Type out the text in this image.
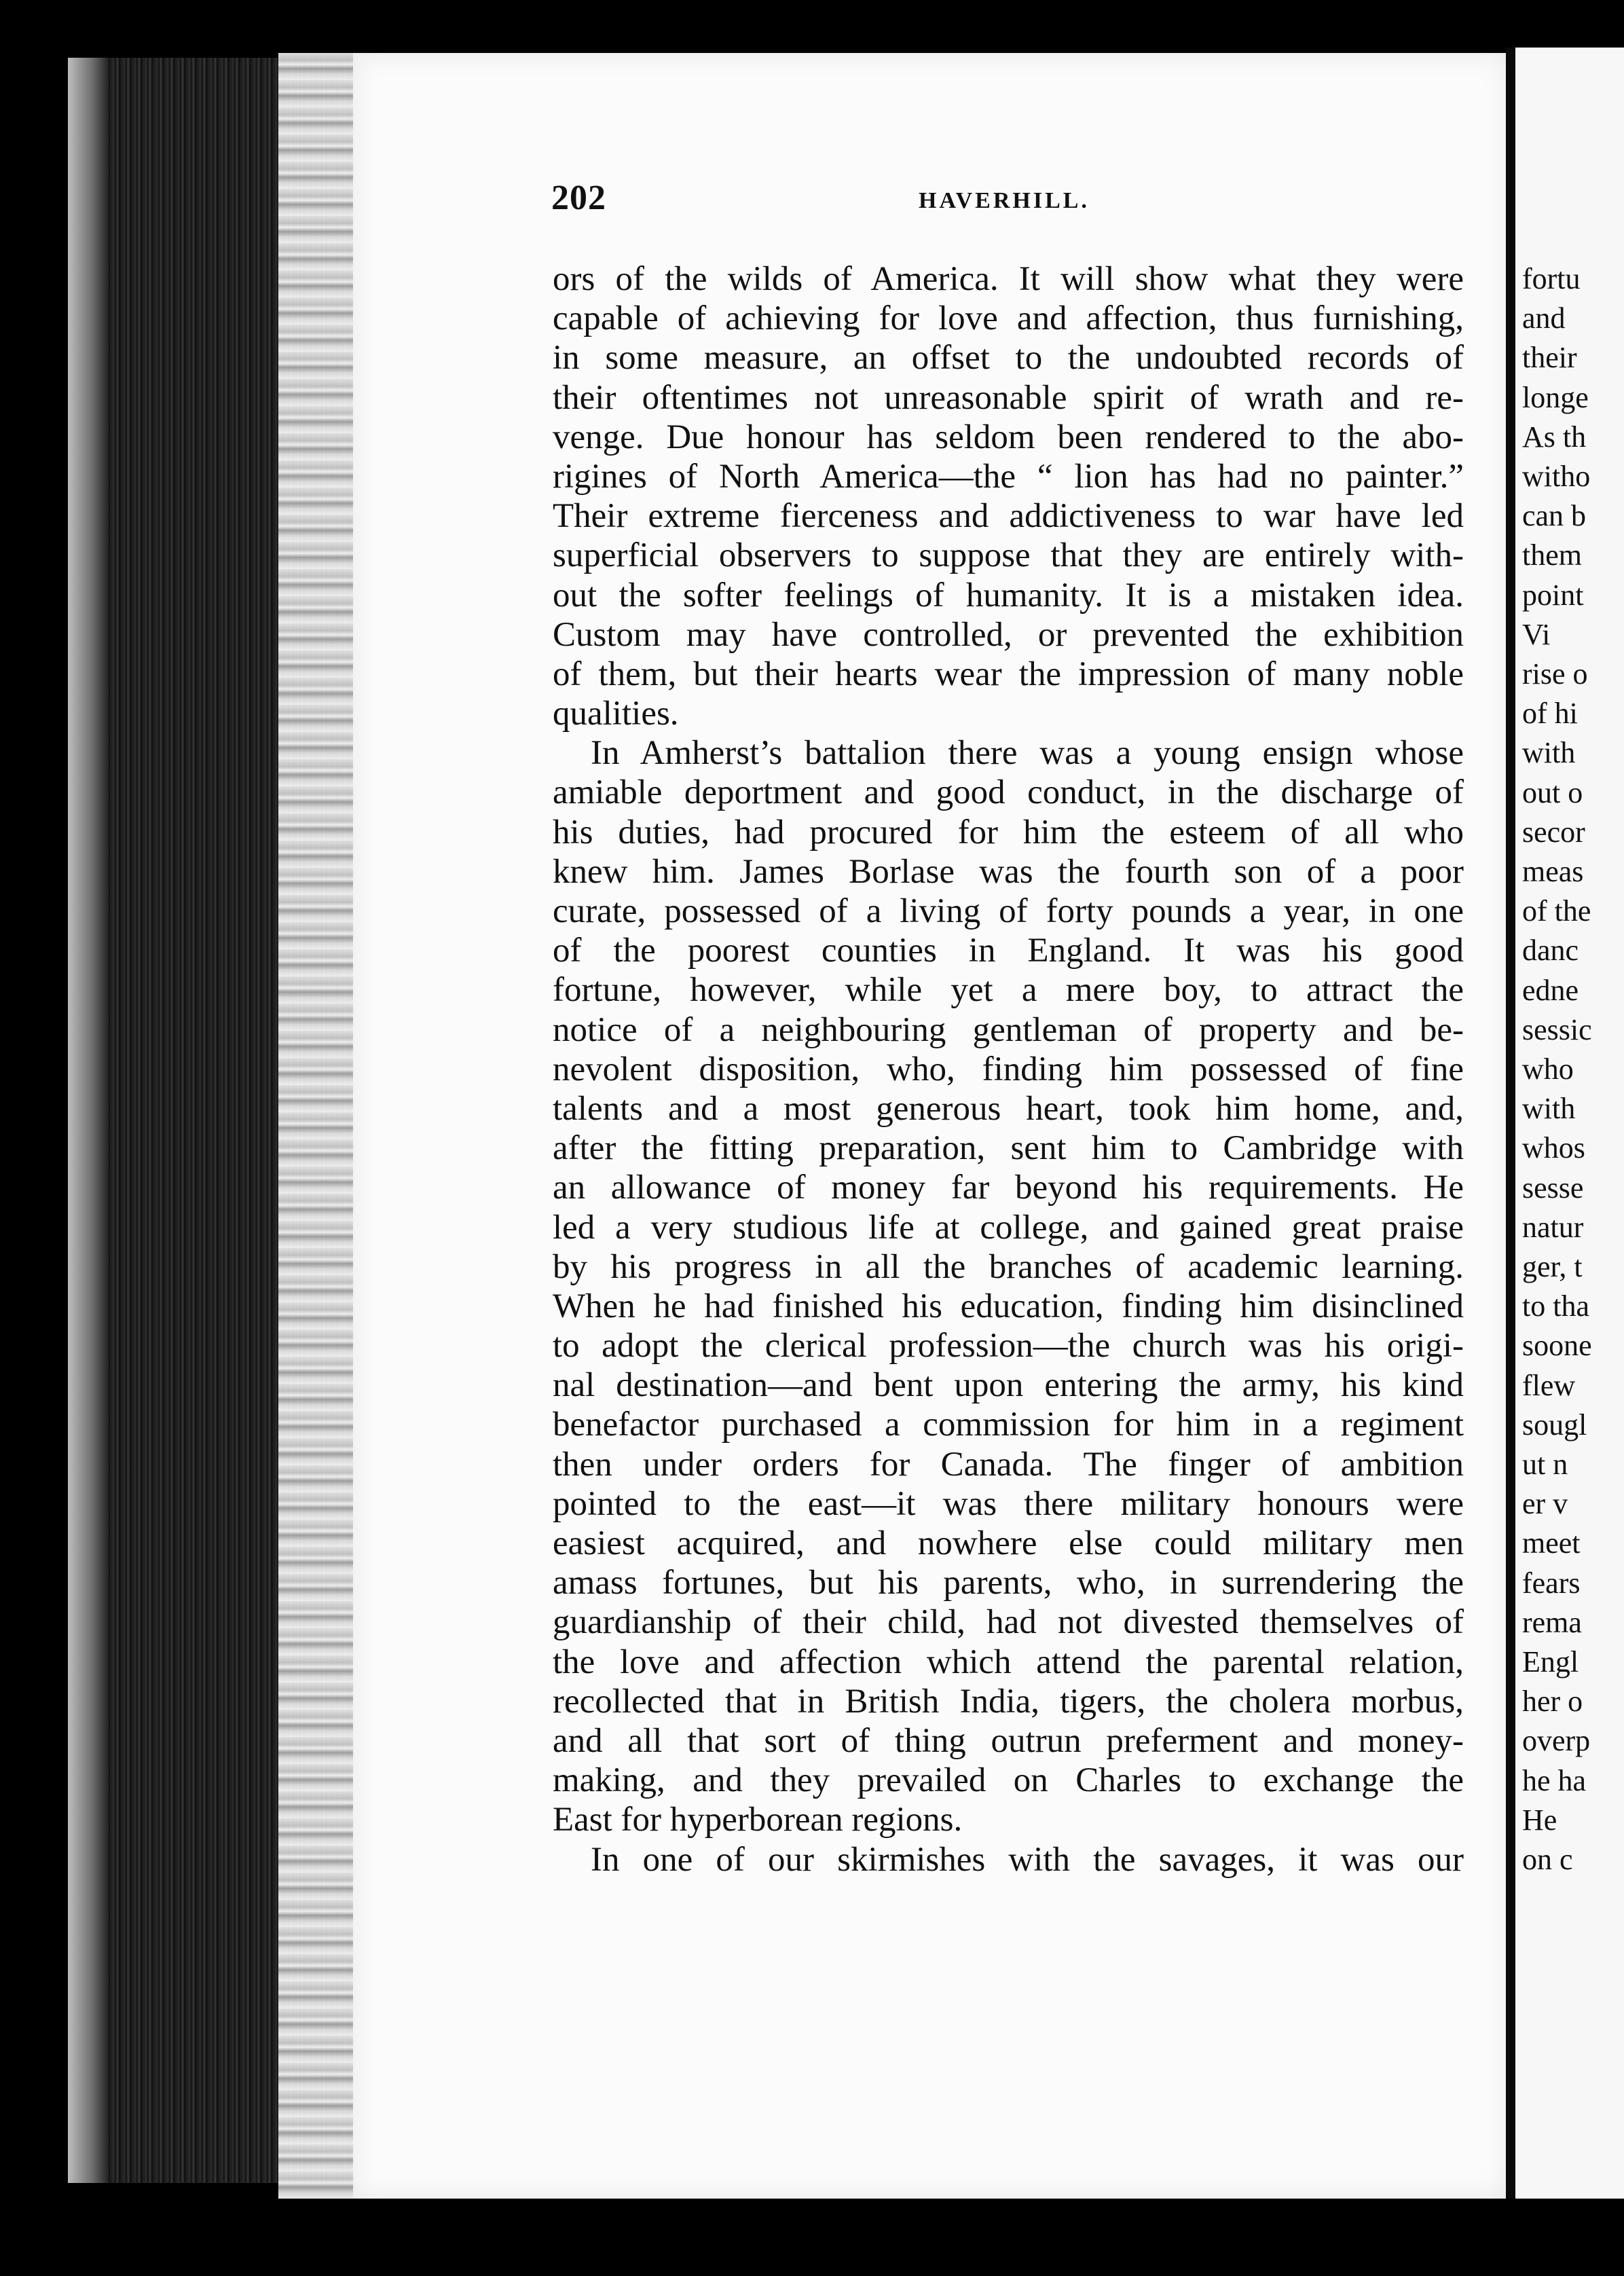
202	HAVERHILL.
ors of the wilds of America. It will show what they were
capable of achieving for love and affection, thus furnishing,
in some measure, an offset to the undoubted records of
their oftentimes not unreasonable spirit of wrath and re-
venge. Due honour has seldom been rendered to the abo-
rigines of North America—the “ lion has had no painter.”
Their extreme fierceness and addictiveness to war have led
superficial observers to suppose that they are entirely with-
out the softer feelings of humanity. It is a mistaken idea.
Custom may have controlled, or prevented the exhibition
of them, but their hearts wear the impression of many noble
qualities.
In Amherst’s battalion there was a young ensign whose
amiable deportment and good conduct, in the discharge of
his duties, had procured for him the esteem of all who
knew him. James Borlase was the fourth son of a poor
curate, possessed of a living of forty pounds a year, in one
of the poorest counties in England. It was his good
fortune, however, while yet a mere boy, to attract the
notice of a neighbouring gentleman of property and be-
nevolent disposition, who, finding him possessed of fine
talents and a most generous heart, took him home, and,
after the fitting preparation, sent him to Cambridge with
an allowance of money far beyond his requirements. He
led a very studious life at college, and gained great praise
by his progress in all the branches of academic learning.
When he had finished his education, finding him disinclined
to adopt the clerical profession—the church was his origi-
nal destination—and bent upon entering the army, his kind
benefactor purchased a commission for him in a regiment
then under orders for Canada. The finger of ambition
pointed to the east—it was there military honours were
easiest acquired, and nowhere else could military men
amass fortunes, but his parents, who, in surrendering the
guardianship of their child, had not divested themselves of
the love and affection which attend the parental relation,
recollected that in British India, tigers, the cholera morbus,
and all that sort of thing outrun preferment and money-
making, and they prevailed on Charles to exchange the
East for hyperborean regions.
In one of our skirmishes with the savages, it was our
fortu
and
their
longe
As th
witho
can b
them
point
Vi
rise o
of hi
with
out o
secor
meas
of the
danc
edne
sessic
who
with
whos
sesse
natur
ger, t
to tha
soone
flew
sougl
ut n
er v
meet
fears
rema
Engl
her o
overp
he ha
He
on c
